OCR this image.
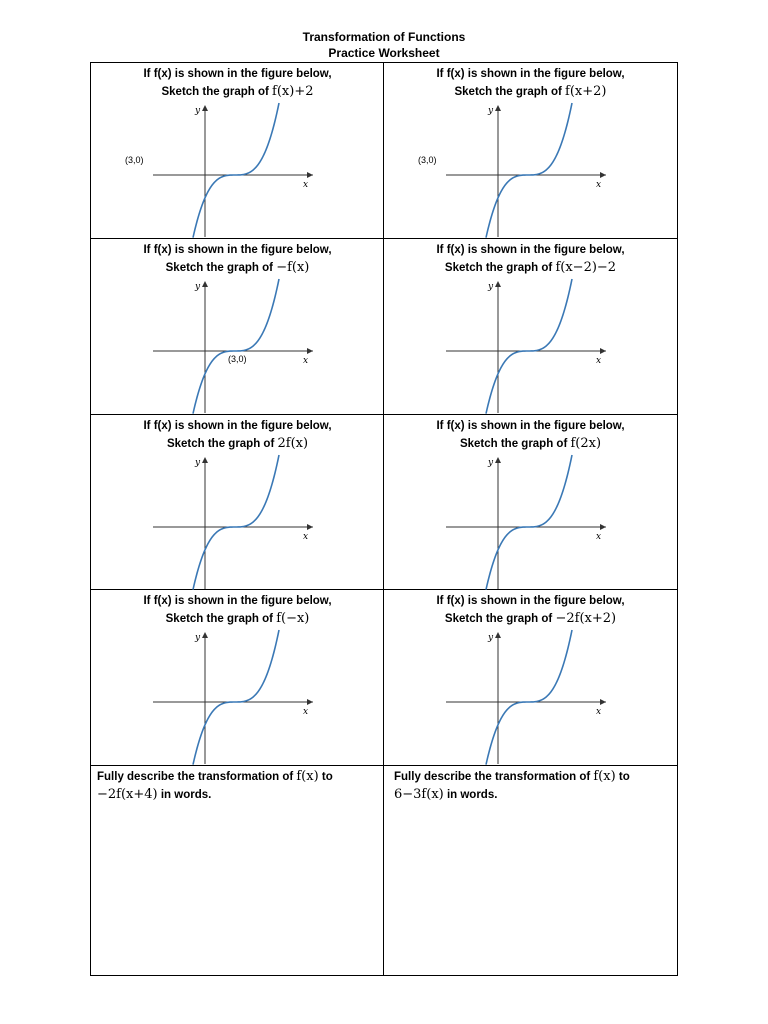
Transformation of Functions
Practice Worksheet
If f(x) is shown in the figure below,
Sketch the graph of f(x)+2
(3,0)
x
y
If f(x) is shown in the figure below,
Sketch the graph of f(x+2)
(3,0)
x
y
If f(x) is shown in the figure below,
Sketch the graph of −f(x)
(3,0)	x
y
If f(x) is shown in the figure below,
Sketch the graph of f(x−2)−2
x
y
If f(x) is shown in the figure below,
Sketch the graph of 2f(x)
x
y
If f(x) is shown in the figure below,
Sketch the graph of f(2x)
x
y
If f(x) is shown in the figure below,
Sketch the graph of f(−x)
x
y
If f(x) is shown in the figure below,
Sketch the graph of −2f(x+2)
x
y
Fully describe the transformation of f(x) to
−2f(x+4) in words.
Fully describe the transformation of f(x) to
6−3f(x) in words.
